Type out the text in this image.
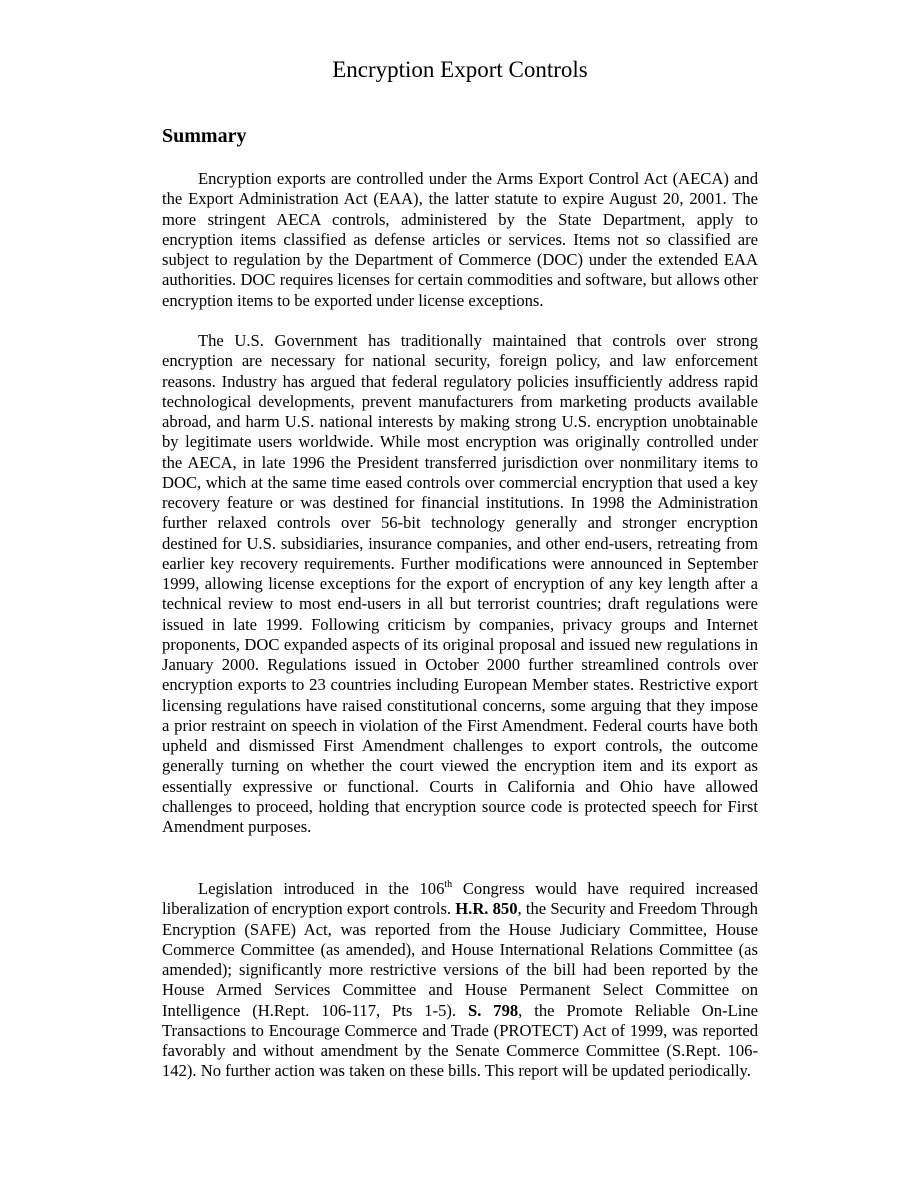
Encryption Export Controls
Summary

Encryption exports are controlled under the Arms Export Control Act (AECA) and the Export Administration Act (EAA), the latter statute to expire August 20, 2001. The more stringent AECA controls, administered by the State Department, apply to encryption items classified as defense articles or services. Items not so classified are subject to regulation by the Department of Commerce (DOC) under the extended EAA authorities. DOC requires licenses for certain commodities and software, but allows other encryption items to be exported under license exceptions.

The U.S. Government has traditionally maintained that controls over strong encryption are necessary for national security, foreign policy, and law enforcement reasons. Industry has argued that federal regulatory policies insufficiently address rapid technological developments, prevent manufacturers from marketing products available abroad, and harm U.S. national interests by making strong U.S. encryption unobtainable by legitimate users worldwide. While most encryption was originally controlled under the AECA, in late 1996 the President transferred jurisdiction over nonmilitary items to DOC, which at the same time eased controls over commercial encryption that used a key recovery feature or was destined for financial institutions. In 1998 the Administration further relaxed controls over 56-bit technology generally and stronger encryption destined for U.S. subsidiaries, insurance companies, and other end-users, retreating from earlier key recovery requirements. Further modifications were announced in September 1999, allowing license exceptions for the export of encryption of any key length after a technical review to most end-users in all but terrorist countries; draft regulations were issued in late 1999. Following criticism by companies, privacy groups and Internet proponents, DOC expanded aspects of its original proposal and issued new regulations in January 2000. Regulations issued in October 2000 further streamlined controls over encryption exports to 23 countries including European Member states. Restrictive export licensing regulations have raised constitutional concerns, some arguing that they impose a prior restraint on speech in violation of the First Amendment. Federal courts have both upheld and dismissed First Amendment challenges to export controls, the outcome generally turning on whether the court viewed the encryption item and its export as essentially expressive or functional. Courts in California and Ohio have allowed challenges to proceed, holding that encryption source code is protected speech for First Amendment purposes.

Legislation introduced in the 106th Congress would have required increased liberalization of encryption export controls. H.R. 850, the Security and Freedom Through Encryption (SAFE) Act, was reported from the House Judiciary Committee, House Commerce Committee (as amended), and House International Relations Committee (as amended); significantly more restrictive versions of the bill had been reported by the House Armed Services Committee and House Permanent Select Committee on Intelligence (H.Rept. 106-117, Pts 1-5). S. 798, the Promote Reliable On-Line Transactions to Encourage Commerce and Trade (PROTECT) Act of 1999, was reported favorably and without amendment by the Senate Commerce Committee (S.Rept. 106-142). No further action was taken on these bills. This report will be updated periodically.
